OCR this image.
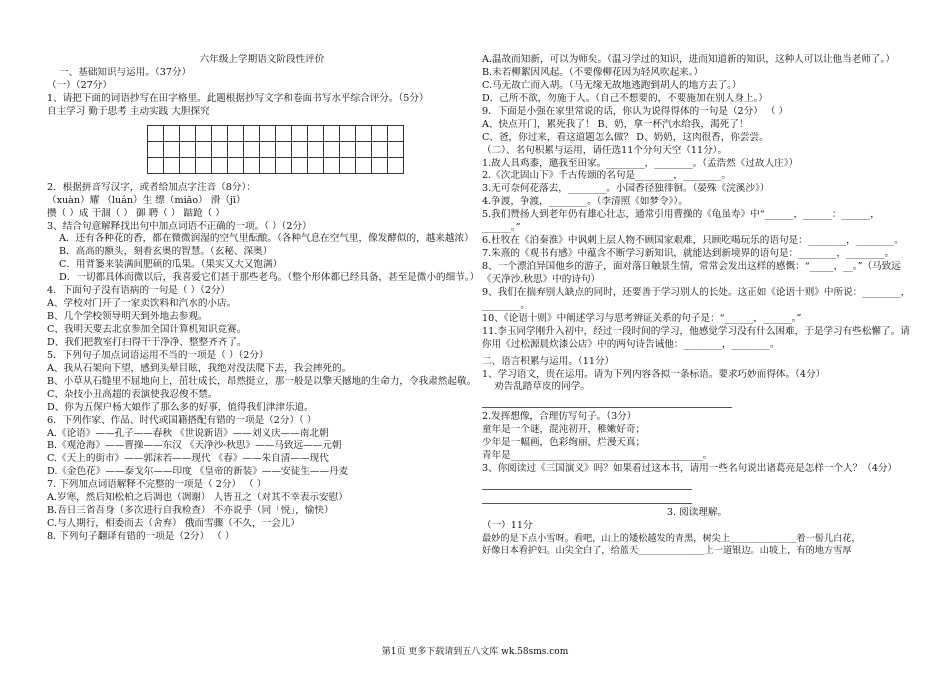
六年级上学期语文阶段性评价
一、基础知识与运用。（37分）
（一）（27分）
1、请把下面的词语抄写在田字格里。此题根据抄写文字和卷面书写水平综合评分。（5分）
自主学习 勤于思考 主动实践 大胆探究
2．根据拼音写汉字，或者给加点字注音（8分）：
（xuàn）耀 （luán）生 缥（miǎo） 滑（jī）
攒（ ）成 干涸（ ） 御 聘（ ） 踮跄（ ）
3、结合句意解释找出句中加点词语不正确的一项。（ ）（2分）
A．还有各种花的香，都在微微润湿的空气里酝酿。（各种气息在空气里，像发酵似的，越来越浓）
B．高高的额头，刻着玄奥的智慧。（玄秘、深奥）
C．用背篓来装满间肥硕的瓜果。（果实又大又饱满）
D．一切都具体而微以后，我喜爱它们甚于那些老鸟。（整个形体都已经具备，甚至是微小的细节。）
4．下面句子没有语病的一句是（ ）（2分）
A、学校对门开了一家卖饮料和汽水的小店。
B、几个学校领导明天到外地去参观。
C、我明天要去北京参加全国计算机知识竞赛。
D、我们把教室打扫得干干净净、整整齐齐了。
5．下列句子加点词语运用不当的一项是（ ）（2分）
A、我从石架向下望，感到头晕目眩，我绝对没法爬下去，我会摔死的。
B、小草从石缝里不屈地向上，茁壮成长，昂然挺立，那一般是以擎天撼地的生命力，令我肃然起敬。
C、杂技小丑高超的表演使我忍俊不禁。
D、你为五保户杨大娘作了那么多的好事，值得我们津津乐道。
6．下列作家、作品、时代或国籍搭配有错的一项是（2分）（ ）
A.《论语》——孔子——春秋 《世说新语》——刘义庆——南北朝
B.《观沧海》——曹操——东汉 《天净沙·秋思》——马致远——元朝
C.《天上的街市》——郭沫若——现代 《春》——朱自清——现代
D.《金色花》——泰戈尔——印度 《皇帝的新装》——安徒生——丹麦
7. 下列加点词语解释不完整的一项是（ 2分） （ ）
A.岁寒，然后知松柏之后凋也（凋谢） 人皆丑之（对其不幸表示安慰）
B.吾日三省吾身（多次进行自我检查） 不亦说乎（同「悦」，愉快）
C.与人期行，相委而去（舍弃） 俄而雪骤（不久，一会儿）
8. 下列句子翻译有错的一项是（2分） （ ）
A.温故而知新，可以为师矣。（温习学过的知识，进而知道新的知识，这种人可以让他当老师了。）
B.未若柳絮因风起。（不要像柳花因为轻风吹起来。）
C.马无故亡而入胡。（马无缘无故地逃跑到胡人的地方去了。）
D．己所不欲，勿施于人。（自己不想要的，不要施加在别人身上。）
9．下面是小强在家里常说的话，你认为说得得体的一句是（2分） （ ）
A、快点开门，累死我了！ B、奶，拿一杯汽水给我，渴死了！
C、爸，你过来，看这道题怎么做？ D、奶奶，这肉很香，你尝尝。
（二）、名句积累与运用，请任选11个分句天空（11分）。
1.故人具鸡黍，邀我至田家。________，________。（孟浩然《过故人庄》）
2.《次北固山下》千古传颂的名句是________，________。
3.无可奈何花落去，________。小园香径独徘徊。（晏殊《浣溪沙》）
4.争渡，争渡，________。（李清照《如梦令》）。
5.我们赞扬人到老年仍有雄心壮志，通常引用曹操的《龟虽寿》中“______，______：______，______。”
6.杜牧在《泊秦淮》中讽刺上层人物不顾国家艰难，只顾吃喝玩乐的语句是：________，________。
7.朱熹的《观书有感》中蕴含不断学习新知识，就能达到新境界的语句是：________，________。
8、一个漂泊异国他乡的游子，面对落日触景生情，常常会发出这样的感慨：“_____，__。”（马致远《天净沙.秋思》中的诗句）
9、我们在揣弃别人缺点的同时，还要善于学习别人的长处。这正如《论语十则》中所说：________，________。
10、《论语十则》中阐述学习与思考辨证关系的句子是：“______，______。”
11.李玉同学刚升入初中，经过一段时间的学习，他感觉学习没有什么困难，于是学习有些松懈了。请你用《过松源晨炊漆公店》中的两句诗告诫他：________，________。
二、语言积累与运用。（11分）
1、学习语文，贵在运用。请为下列内容各拟一条标语。要求巧妙而得体。（4分）
劝告乱踏草皮的同学。
2.发挥想像，合理仿写句子。（3分）
童年是一个谜，混沌初开，稚嫩好奇；
少年是一幅画，色彩绚丽，烂漫天真；
青年是________________________________________。
3、你阅读过《三国演义》吗？如果看过这本书，请用一些名句说出诸葛亮是怎样一个人？（4分）
3. 阅读理解。
（一）11分
最妙的是下点小雪呀。看吧，山上的矮松越发的青黑，树尖上____________着一髻儿白花，
好像日本看护妇。山尖全白了，给蓝天____________上一道银边。山坡上，有的地方雪厚
第1页 更多下载请到五八文库 wk.58sms.com
